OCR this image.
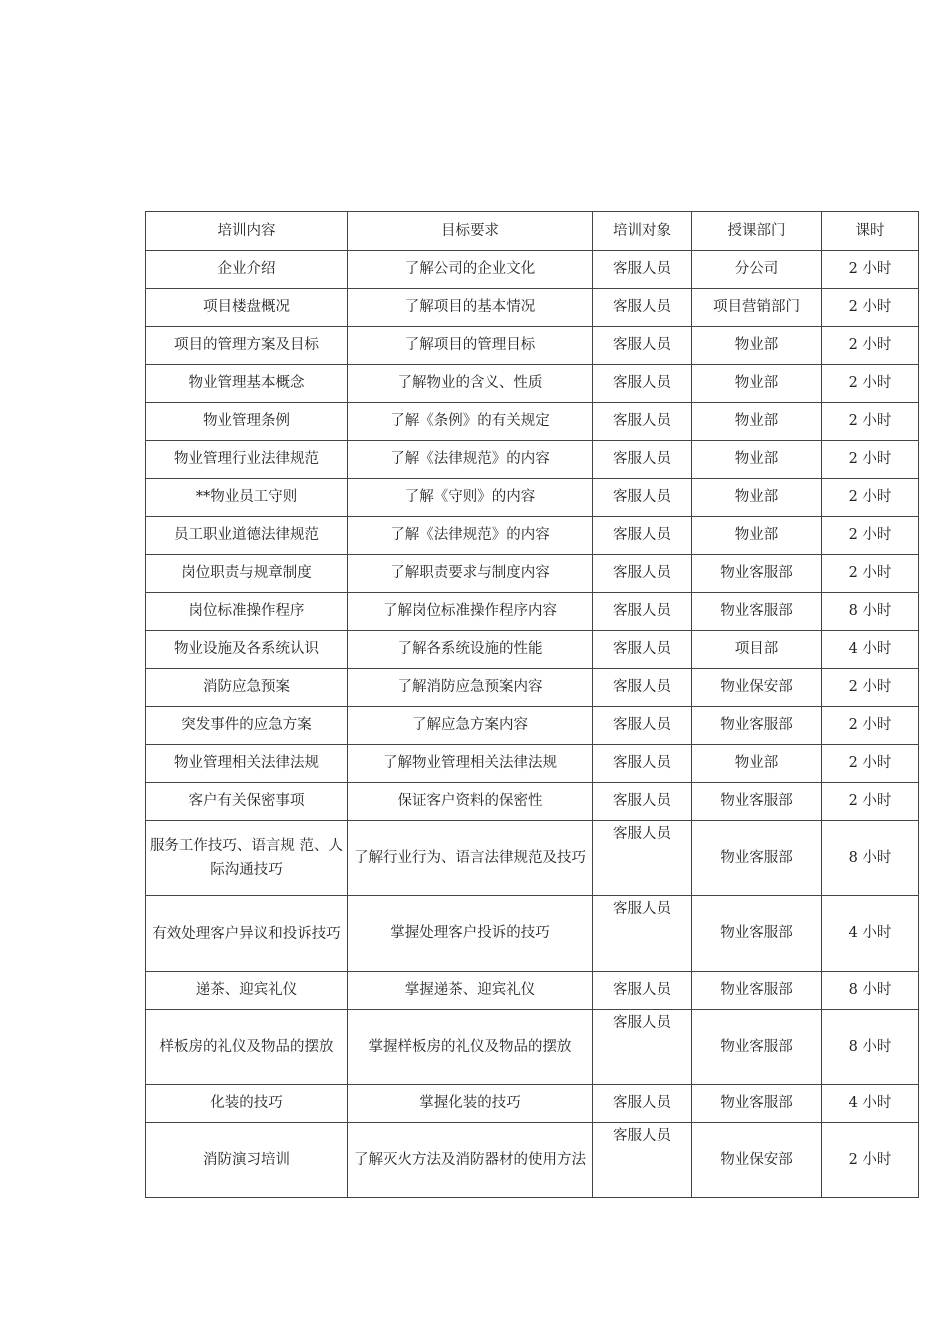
培训内容	目标要求	培训对象	授课部门	课时
企业介绍	了解公司的企业文化	客服人员	分公司	2 小时
项目楼盘概况	了解项目的基本情况	客服人员	项目营销部门	2 小时
项目的管理方案及目标	了解项目的管理目标	客服人员	物业部	2 小时
物业管理基本概念	了解物业的含义、性质	客服人员	物业部	2 小时
物业管理条例	了解《条例》的有关规定	客服人员	物业部	2 小时
物业管理行业法律规范	了解《法律规范》的内容	客服人员	物业部	2 小时
**物业员工守则	了解《守则》的内容	客服人员	物业部	2 小时
员工职业道德法律规范	了解《法律规范》的内容	客服人员	物业部	2 小时
岗位职责与规章制度	了解职责要求与制度内容	客服人员	物业客服部	2 小时
岗位标准操作程序	了解岗位标准操作程序内容	客服人员	物业客服部	8 小时
物业设施及各系统认识	了解各系统设施的性能	客服人员	项目部	4 小时
消防应急预案	了解消防应急预案内容	客服人员	物业保安部	2 小时
突发事件的应急方案	了解应急方案内容	客服人员	物业客服部	2 小时
物业管理相关法律法规	了解物业管理相关法律法规	客服人员	物业部	2 小时
客户有关保密事项	保证客户资料的保密性	客服人员	物业客服部	2 小时
服务工作技巧、语言规 范、人际沟通技巧	了解行业行为、语言法律规范及技巧	客服人员	物业客服部	8 小时
有效处理客户异议和投诉技巧	掌握处理客户投诉的技巧	客服人员	物业客服部	4 小时
递茶、迎宾礼仪	掌握递茶、迎宾礼仪	客服人员	物业客服部	8 小时
样板房的礼仪及物品的摆放	掌握样板房的礼仪及物品的摆放	客服人员	物业客服部	8 小时
化装的技巧	掌握化装的技巧	客服人员	物业客服部	4 小时
消防演习培训	了解灭火方法及消防器材的使用方法	客服人员	物业保安部	2 小时
